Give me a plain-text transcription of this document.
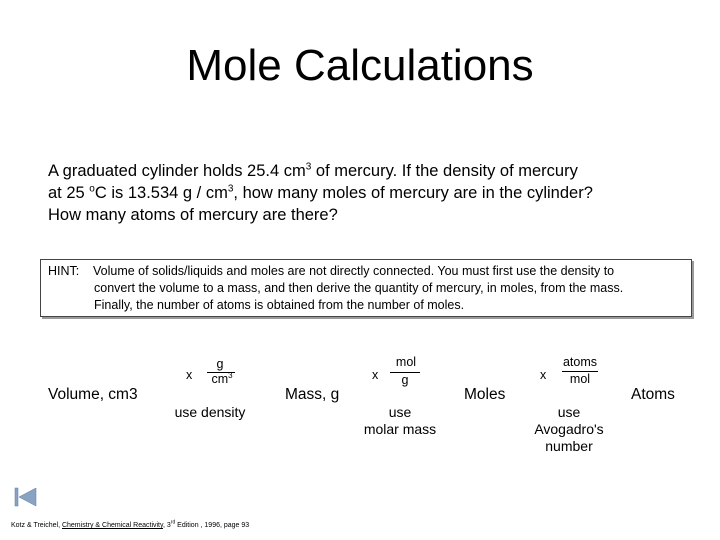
Mole Calculations

A graduated cylinder holds 25.4 $cm^3$ of mercury. If the density of mercury
at 25 $^o$C is 13.534 g / $cm^3$, how many moles of mercury are in the cylinder?
How many atoms of mercury are there?

HINT: Volume of solids/liquids and moles are not directly connected. You must first use the density to
convert the volume to a mass, and then derive the quantity of mercury, in moles, from the mass.
Finally, the number of atoms is obtained from the number of moles.
Volume, cm3	Mass, g	Moles	Atoms
x
g
$cm^3$
use density
x
mol
g
use
molar mass
x
atoms
mol
use
Avogadro's
number
Kotz & Treichel, Chemistry & Chemical Reactivity, 3rd Edition , 1996, page 93
